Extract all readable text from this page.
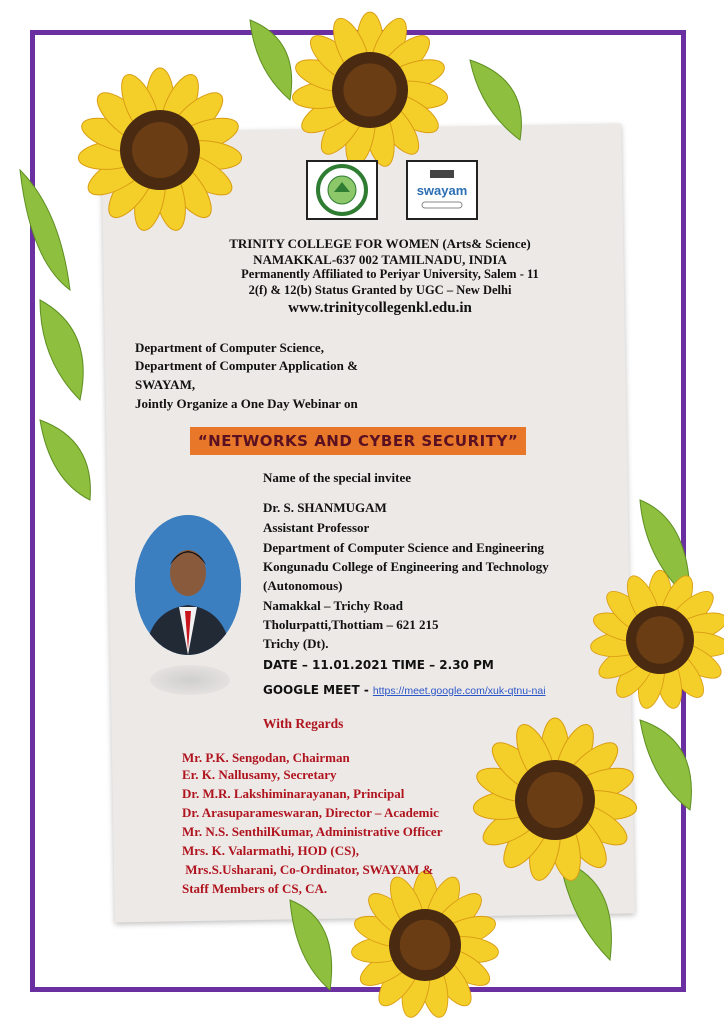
swayam
TRINITY COLLEGE FOR WOMEN (Arts& Science)
NAMAKKAL-637 002 TAMILNADU, INDIA
Permanently Affiliated to Periyar University, Salem - 11
2(f) & 12(b) Status Granted by UGC – New Delhi
www.trinitycollegenkl.edu.in
Department of Computer Science,
Department of Computer Application &
SWAYAM,
Jointly Organize a One Day Webinar on
“NETWORKS AND CYBER SECURITY”
Name of the special invitee
Dr. S. SHANMUGAM
Assistant Professor
Department of Computer Science and Engineering
Kongunadu College of Engineering and Technology
(Autonomous)
Namakkal – Trichy Road
Tholurpatti,Thottiam – 621 215
Trichy (Dt).
DATE – 11.01.2021 TIME – 2.30 PM
GOOGLE MEET - https://meet.google.com/xuk-qtnu-nai
With Regards
Mr. P.K. Sengodan, Chairman
Er. K. Nallusamy, Secretary
Dr. M.R. Lakshiminarayanan, Principal
Dr. Arasuparameswaran, Director – Academic
Mr. N.S. SenthilKumar, Administrative Officer
Mrs. K. Valarmathi, HOD (CS),
Mrs.S.Usharani, Co-Ordinator, SWAYAM &
Staff Members of CS, CA.
